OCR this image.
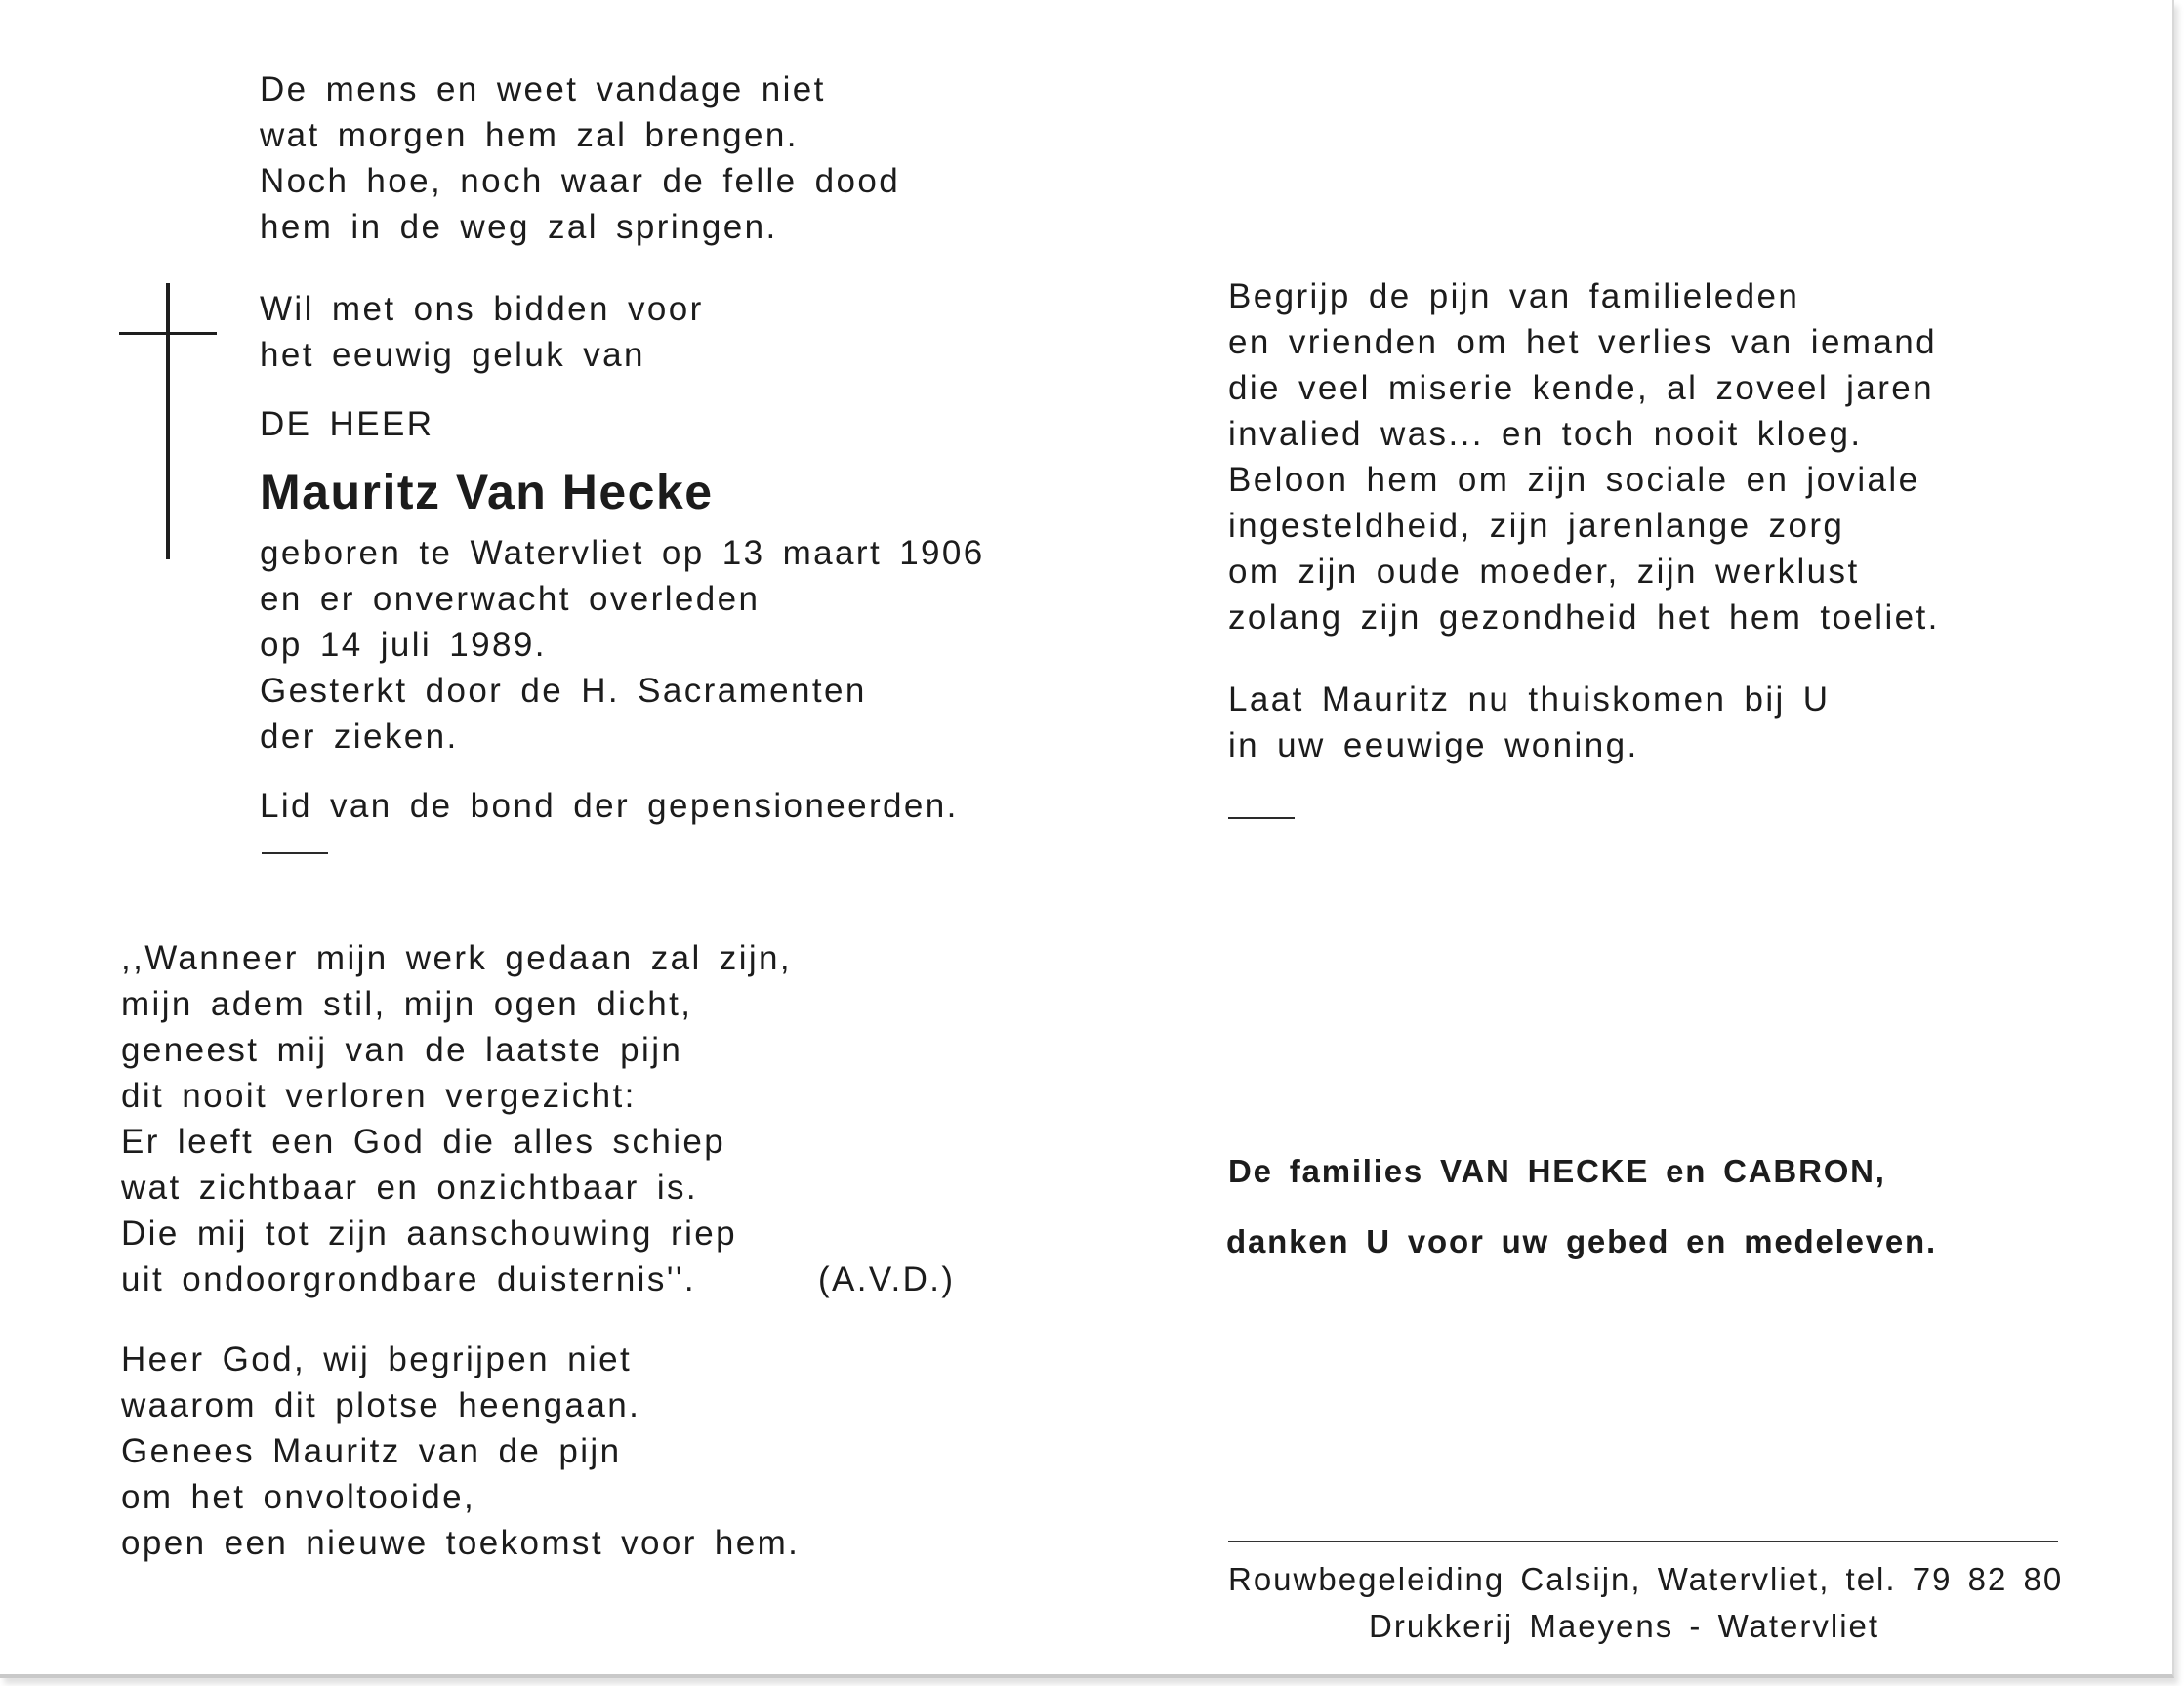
De mens en weet vandage niet
wat morgen hem zal brengen.
Noch hoe, noch waar de felle dood
hem in de weg zal springen.
Wil met ons bidden voor
het eeuwig geluk van
DE HEER
Mauritz Van Hecke
geboren te Watervliet op 13 maart 1906
en er onverwacht overleden
op 14 juli 1989.
Gesterkt door de H. Sacramenten
der zieken.
Lid van de bond der gepensioneerden.
,,Wanneer mijn werk gedaan zal zijn,
mijn adem stil, mijn ogen dicht,
geneest mij van de laatste pijn
dit nooit verloren vergezicht:
Er leeft een God die alles schiep
wat zichtbaar en onzichtbaar is.
Die mij tot zijn aanschouwing riep
uit ondoorgrondbare duisternis''.	(A.V.D.)
Heer God, wij begrijpen niet
waarom dit plotse heengaan.
Genees Mauritz van de pijn
om het onvoltooide,
open een nieuwe toekomst voor hem.
Begrijp de pijn van familieleden
en vrienden om het verlies van iemand
die veel miserie kende, al zoveel jaren
invalied was... en toch nooit kloeg.
Beloon hem om zijn sociale en joviale
ingesteldheid, zijn jarenlange zorg
om zijn oude moeder, zijn werklust
zolang zijn gezondheid het hem toeliet.
Laat Mauritz nu thuiskomen bij U
in uw eeuwige woning.
De families VAN HECKE en CABRON,
danken U voor uw gebed en medeleven.
Rouwbegeleiding Calsijn, Watervliet, tel. 79 82 80
Drukkerij Maeyens - Watervliet
